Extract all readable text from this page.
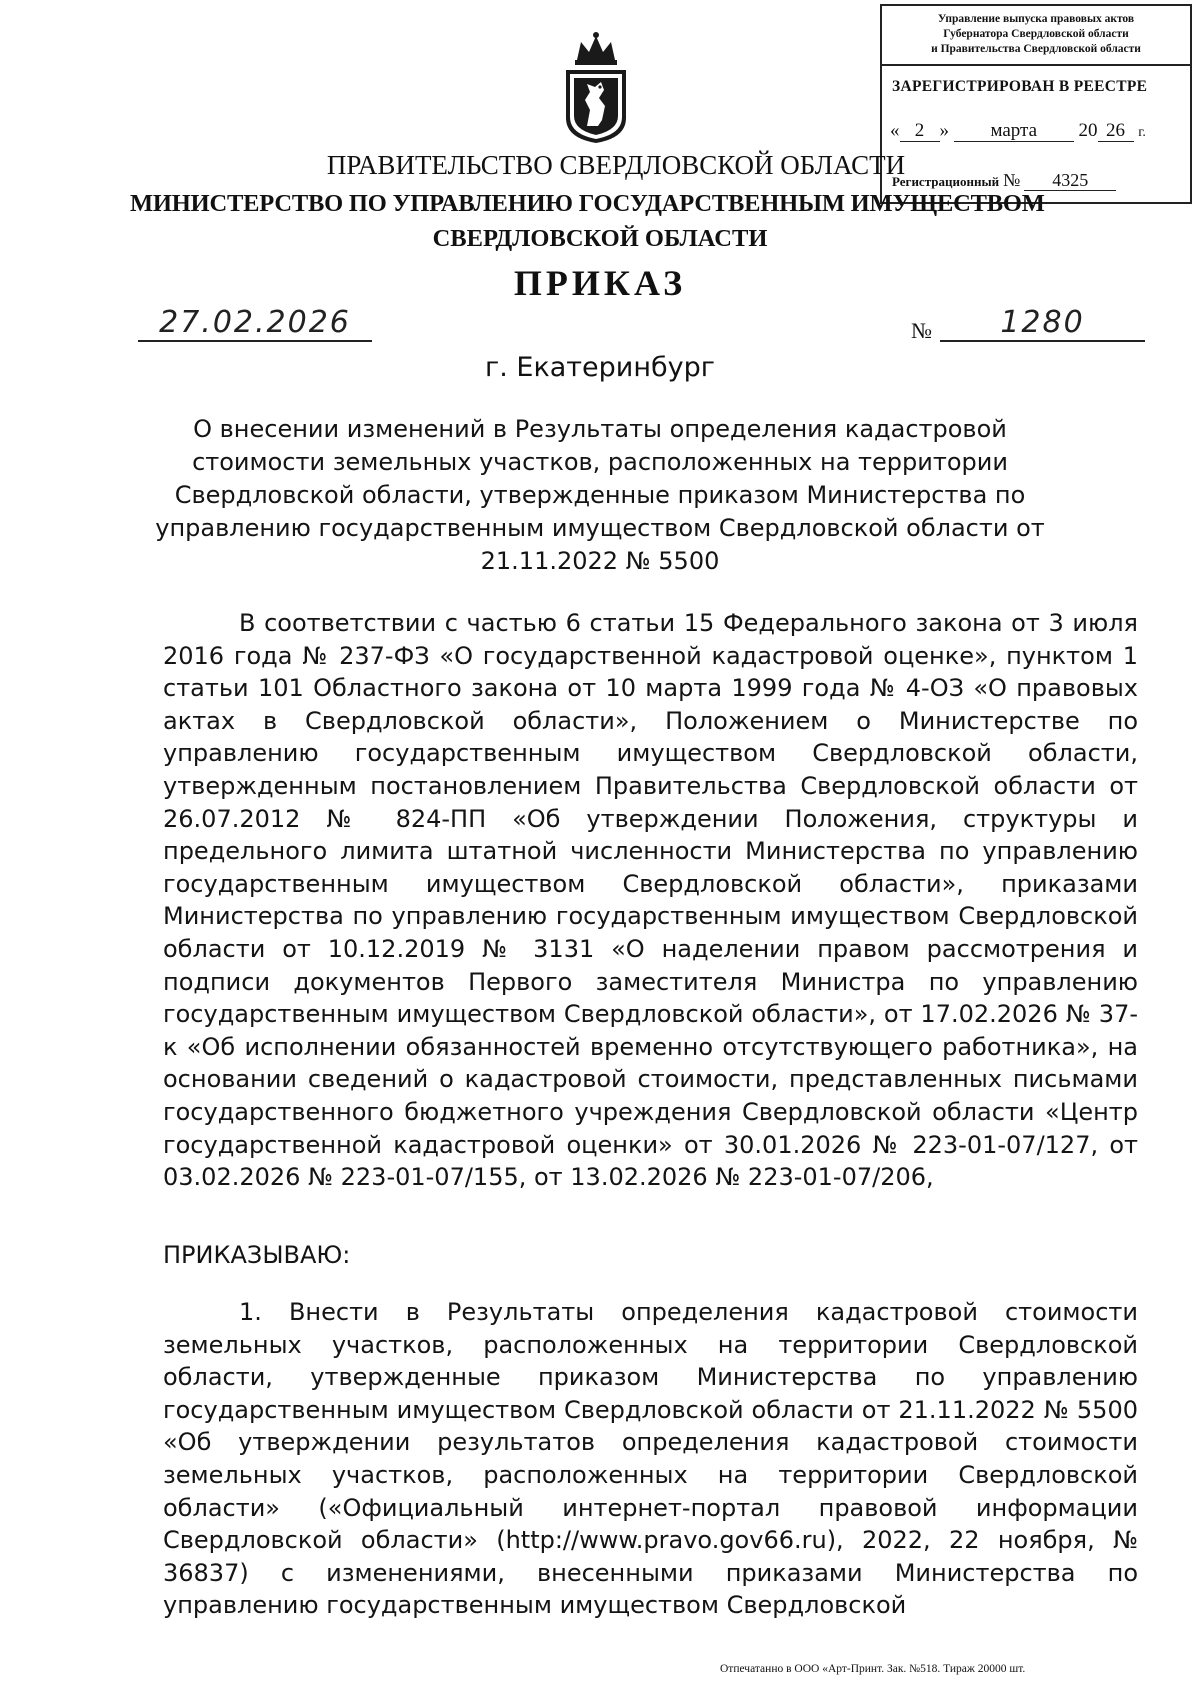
Управление выпуска правовых актов
Губернатора Свердловской области
и Правительства Свердловской области
ЗАРЕГИСТРИРОВАН В РЕЕСТРЕ
« 2 » марта 20 26 г.
Регистрационный № 4325
ПРАВИТЕЛЬСТВО СВЕРДЛОВСКОЙ ОБЛАСТИ
МИНИСТЕРСТВО ПО УПРАВЛЕНИЮ ГОСУДАРСТВЕННЫМ ИМУЩЕСТВОМ
СВЕРДЛОВСКОЙ ОБЛАСТИ
ПРИКАЗ
27.02.2026	№	1280
г. Екатеринбург
О внесении изменений в Результаты определения кадастровой стоимости земельных участков, расположенных на территории Свердловской области, утвержденные приказом Министерства по управлению государственным имуществом Свердловской области от 21.11.2022 № 5500
В соответствии с частью 6 статьи 15 Федерального закона от 3 июля 2016 года № 237-ФЗ «О государственной кадастровой оценке», пунктом 1 статьи 101 Областного закона от 10 марта 1999 года № 4-ОЗ «О правовых актах в Свердловской области», Положением о Министерстве по управлению государственным имуществом Свердловской области, утвержденным постановлением Правительства Свердловской области от 26.07.2012 № 824-ПП «Об утверждении Положения, структуры и предельного лимита штатной численности Министерства по управлению государственным имуществом Свердловской области», приказами Министерства по управлению государственным имуществом Свердловской области от 10.12.2019 № 3131 «О наделении правом рассмотрения и подписи документов Первого заместителя Министра по управлению государственным имуществом Свердловской области», от 17.02.2026 № 37-к «Об исполнении обязанностей временно отсутствующего работника», на основании сведений о кадастровой стоимости, представленных письмами государственного бюджетного учреждения Свердловской области «Центр государственной кадастровой оценки» от 30.01.2026 № 223-01-07/127, от 03.02.2026 № 223-01-07/155, от 13.02.2026 № 223-01-07/206,
ПРИКАЗЫВАЮ:
1. Внести в Результаты определения кадастровой стоимости земельных участков, расположенных на территории Свердловской области, утвержденные приказом Министерства по управлению государственным имуществом Свердловской области от 21.11.2022 № 5500 «Об утверждении результатов определения кадастровой стоимости земельных участков, расположенных на территории Свердловской области» («Официальный интернет-портал правовой информации Свердловской области» (http://www.pravo.gov66.ru), 2022, 22 ноября, № 36837) с изменениями, внесенными приказами Министерства по управлению государственным имуществом Свердловской
Отпечатанно в ООО «Арт-Принт. Зак. №518. Тираж 20000 шт.
